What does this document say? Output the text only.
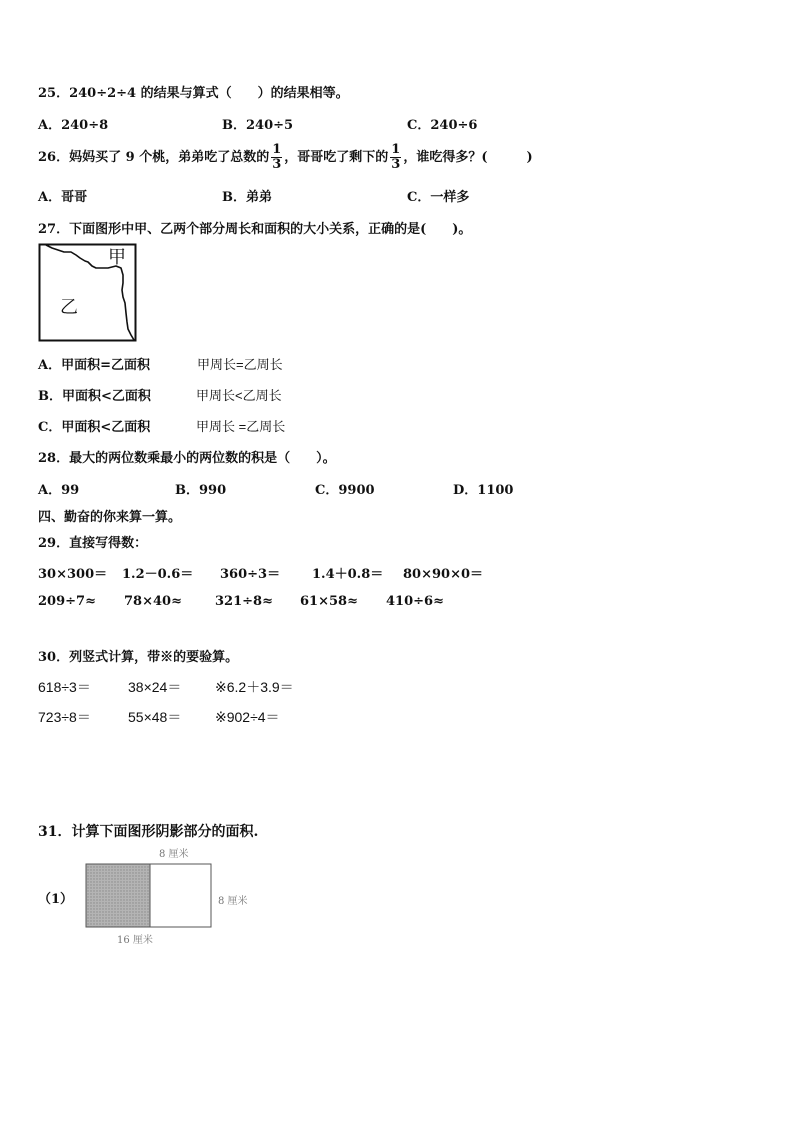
25．240÷2÷4 的结果与算式（　　）的结果相等。
A．240÷8	B．240÷5	C．240÷6
26．妈妈买了 9 个桃，弟弟吃了总数的 $\frac{1}{3}$ ，哥哥吃了剩下的 $\frac{1}{3}$ ，谁吃得多？(　　　)
A．哥哥	B．弟弟	C．一样多
27．下面图形中甲、乙两个部分周长和面积的大小关系，正确的是(　　)。
甲
乙
A．甲面积=乙面积	甲周长=乙周长
B．甲面积<乙面积	甲周长<乙周长
C．甲面积<乙面积	甲周长 =乙周长
28．最大的两位数乘最小的两位数的积是（　　）。
A．99	B．990	C．9900	D．1100
四、勤奋的你来算一算。
29．直接写得数：
30×300＝ 1.2－0.6＝ 360÷3＝ 1.4＋0.8＝ 80×90×0＝
209÷7≈ 78×40≈	321÷8≈ 61×58≈ 410÷6≈
30．列竖式计算，带※的要验算。
618÷3＝	38×24＝ ※6.2＋3.9＝
723÷8＝	55×48＝ ※902÷4＝
31．计算下面图形阴影部分的面积.
（1）
8 厘米
8 厘米
16 厘米
